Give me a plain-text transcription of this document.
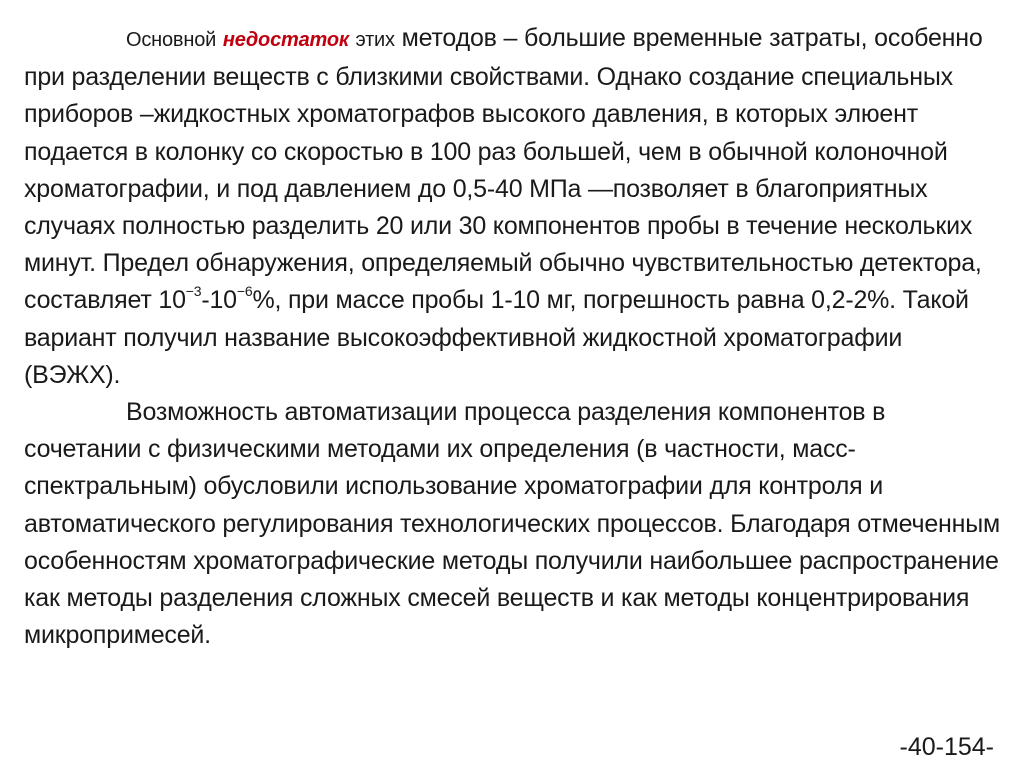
Основной недостаток этих методов – большие временные затраты, особенно при разделении веществ с близкими свойствами. Однако создание специальных приборов –жидкостных хроматографов высокого давления, в которых элюент подается в колонку со скоростью в 100 раз большей, чем в обычной колоночной хроматографии, и под давлением до 0,5-40 МПа —позволяет в благоприятных случаях полностью разделить 20 или 30 компонентов пробы в течение нескольких минут. Предел обнаружения, определяемый обычно чувствительностью детектора, составляет $10^{-3}-10^{-6}\%$, при массе пробы 1-10 мг, погрешность равна 0,2-2%. Такой вариант получил название высокоэффективной жидкостной хроматографии (ВЭЖХ).

Возможность автоматизации процесса разделения компонентов в сочетании с физическими методами их определения (в частности, масс-спектральным) обусловили использование хроматографии для контроля и автоматического регулирования технологических процессов. Благодаря отмеченным особенностям хроматографические методы получили наибольшее распространение как методы разделения сложных смесей веществ и как методы концентрирования микропримесей.

-40-154-
